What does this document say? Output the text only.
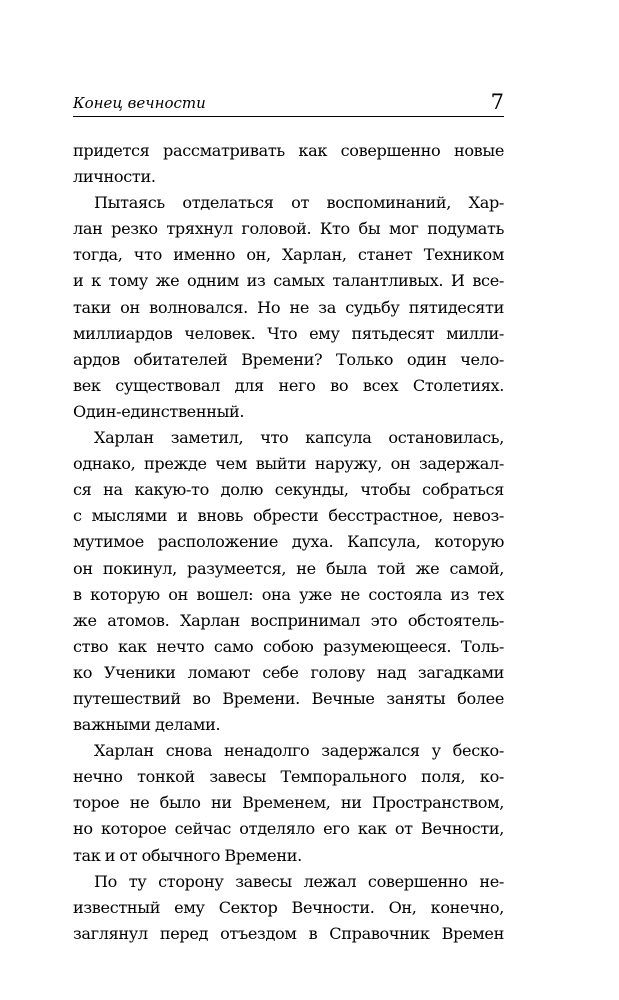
Конец вечности	7

придется рассматривать как совершенно новые
личности.

Пытаясь отделаться от воспоминаний, Хар-
лан резко тряхнул головой. Кто бы мог подумать
тогда, что именно он, Харлан, станет Техником
и к тому же одним из самых талантливых. И все-
таки он волновался. Но не за судьбу пятидесяти
миллиардов человек. Что ему пятьдесят милли-
ардов обитателей Времени? Только один чело-
век существовал для него во всех Столетиях.
Один-единственный.

Харлан заметил, что капсула остановилась,
однако, прежде чем выйти наружу, он задержал-
ся на какую-то долю секунды, чтобы собраться
с мыслями и вновь обрести бесстрастное, невоз-
мутимое расположение духа. Капсула, которую
он покинул, разумеется, не была той же самой,
в которую он вошел: она уже не состояла из тех
же атомов. Харлан воспринимал это обстоятель-
ство как нечто само собою разумеющееся. Толь-
ко Ученики ломают себе голову над загадками
путешествий во Времени. Вечные заняты более
важными делами.

Харлан снова ненадолго задержался у беско-
нечно тонкой завесы Темпорального поля, ко-
торое не было ни Временем, ни Пространством,
но которое сейчас отделяло его как от Вечности,
так и от обычного Времени.

По ту сторону завесы лежал совершенно не-
известный ему Сектор Вечности. Он, конечно,
заглянул перед отъездом в Справочник Времен
